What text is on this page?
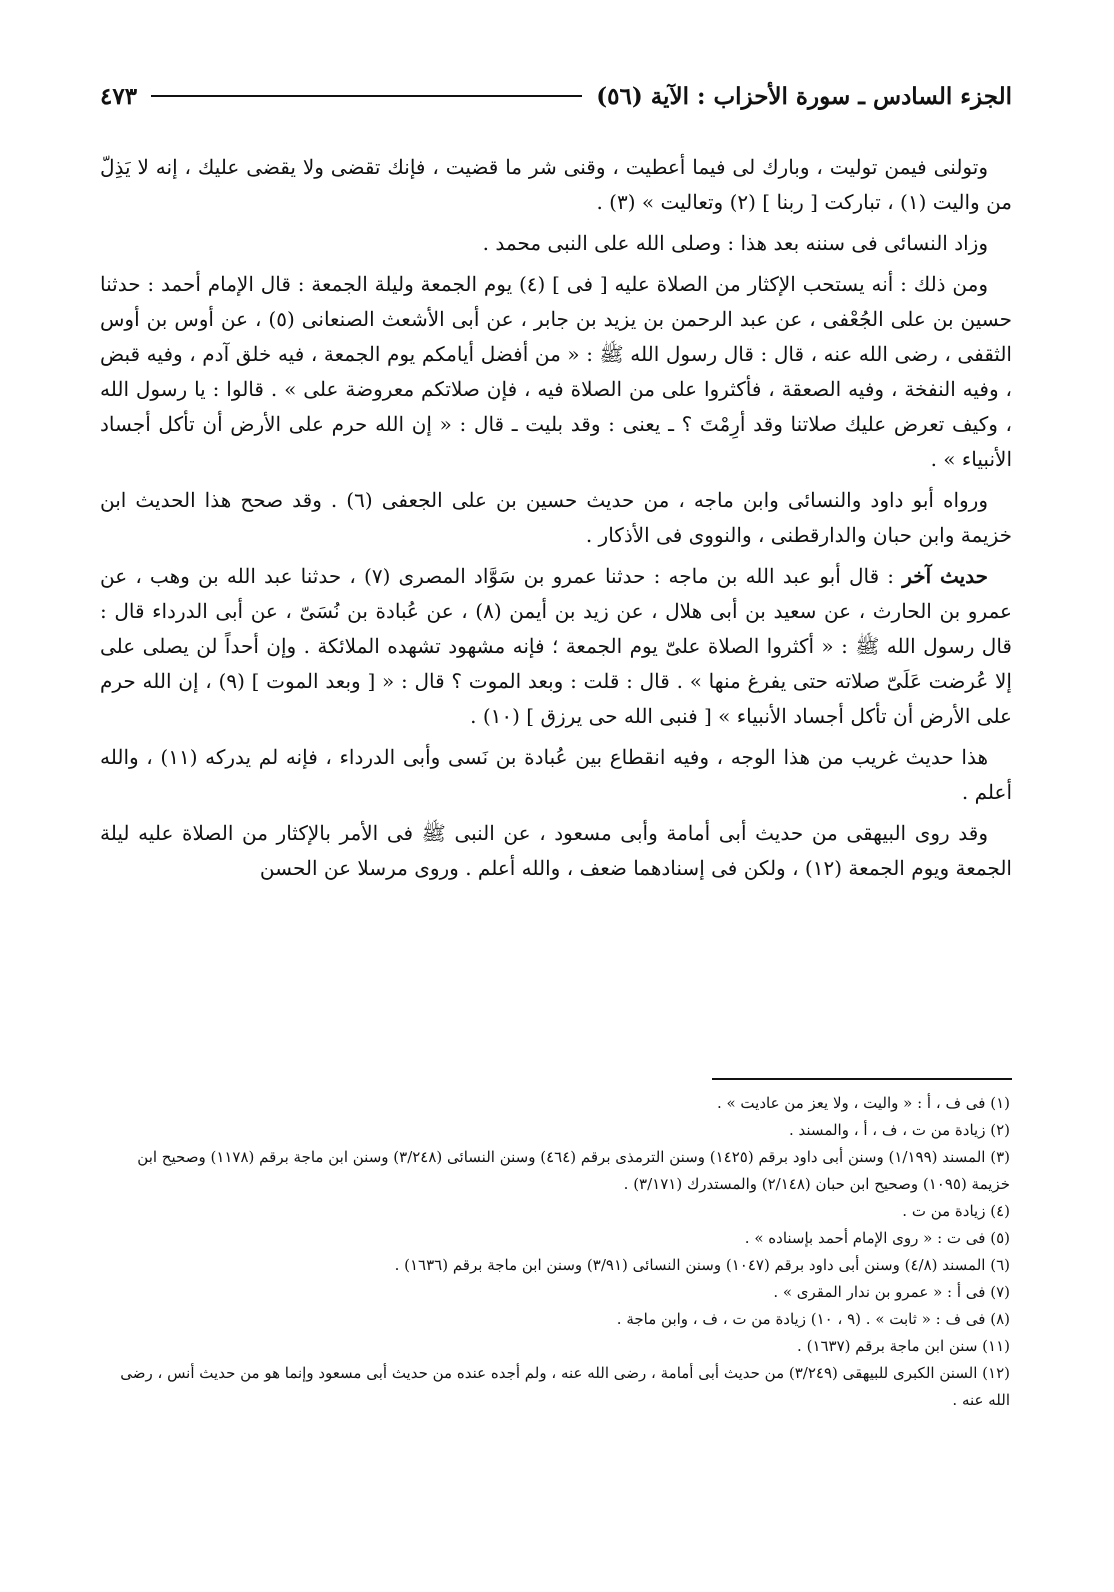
الجزء السادس ـ سورة الأحزاب : الآية (٥٦)
٤٧٣

وتولنى فيمن توليت ، وبارك لى فيما أعطيت ، وقنى شر ما قضيت ، فإنك تقضى ولا يقضى عليك ، إنه لا يَذِلّ من واليت (١) ، تباركت [ ربنا ] (٢) وتعاليت » (٣) .

وزاد النسائى فى سننه بعد هذا : وصلى الله على النبى محمد .

ومن ذلك : أنه يستحب الإكثار من الصلاة عليه [ فى ] (٤) يوم الجمعة وليلة الجمعة : قال الإمام أحمد : حدثنا حسين بن على الجُعْفى ، عن عبد الرحمن بن يزيد بن جابر ، عن أبى الأشعث الصنعانى (٥) ، عن أوس بن أوس الثقفى ، رضى الله عنه ، قال : قال رسول الله ﷺ : « من أفضل أيامكم يوم الجمعة ، فيه خلق آدم ، وفيه قبض ، وفيه النفخة ، وفيه الصعقة ، فأكثروا على من الصلاة فيه ، فإن صلاتكم معروضة على » . قالوا : يا رسول الله ، وكيف تعرض عليك صلاتنا وقد أرِمْتَ ؟ ـ يعنى : وقد بليت ـ قال : « إن الله حرم على الأرض أن تأكل أجساد الأنبياء » .

ورواه أبو داود والنسائى وابن ماجه ، من حديث حسين بن على الجعفى (٦) . وقد صحح هذا الحديث ابن خزيمة وابن حبان والدارقطنى ، والنووى فى الأذكار .

حديث آخر : قال أبو عبد الله بن ماجه : حدثنا عمرو بن سَوَّاد المصرى (٧) ، حدثنا عبد الله بن وهب ، عن عمرو بن الحارث ، عن سعيد بن أبى هلال ، عن زيد بن أيمن (٨) ، عن عُبادة بن نُسَىّ ، عن أبى الدرداء قال : قال رسول الله ﷺ : « أكثروا الصلاة علىّ يوم الجمعة ؛ فإنه مشهود تشهده الملائكة . وإن أحداً لن يصلى على إلا عُرضت عَلَىّ صلاته حتى يفرغ منها » . قال : قلت : وبعد الموت ؟ قال : « [ وبعد الموت ] (٩) ، إن الله حرم على الأرض أن تأكل أجساد الأنبياء » [ فنبى الله حى يرزق ] (١٠) .

هذا حديث غريب من هذا الوجه ، وفيه انقطاع بين عُبادة بن نَسى وأبى الدرداء ، فإنه لم يدركه (١١) ، والله أعلم .

وقد روى البيهقى من حديث أبى أمامة وأبى مسعود ، عن النبى ﷺ فى الأمر بالإكثار من الصلاة عليه ليلة الجمعة ويوم الجمعة (١٢) ، ولكن فى إسنادهما ضعف ، والله أعلم . وروى مرسلا عن الحسن

(١) فى ف ، أ : « واليت ، ولا يعز من عاديت » .

(٢) زيادة من ت ، ف ، أ ، والمسند .

(٣) المسند (١/١٩٩) وسنن أبى داود برقم (١٤٢٥) وسنن الترمذى برقم (٤٦٤) وسنن النسائى (٣/٢٤٨) وسنن ابن ماجة برقم (١١٧٨) وصحيح ابن خزيمة (١٠٩٥) وصحيح ابن حبان (٢/١٤٨) والمستدرك (٣/١٧١) .

(٤) زيادة من ت .

(٥) فى ت : « روى الإمام أحمد بإسناده » .

(٦) المسند (٤/٨) وسنن أبى داود برقم (١٠٤٧) وسنن النسائى (٣/٩١) وسنن ابن ماجة برقم (١٦٣٦) .

(٧) فى أ : « عمرو بن ندار المقرى » .

(٨) فى ف : « ثابت » . (٩ ، ١٠) زيادة من ت ، ف ، وابن ماجة .

(١١) سنن ابن ماجة برقم (١٦٣٧) .

(١٢) السنن الكبرى للبيهقى (٣/٢٤٩) من حديث أبى أمامة ، رضى الله عنه ، ولم أجده عنده من حديث أبى مسعود وإنما هو من حديث أنس ، رضى الله عنه .
